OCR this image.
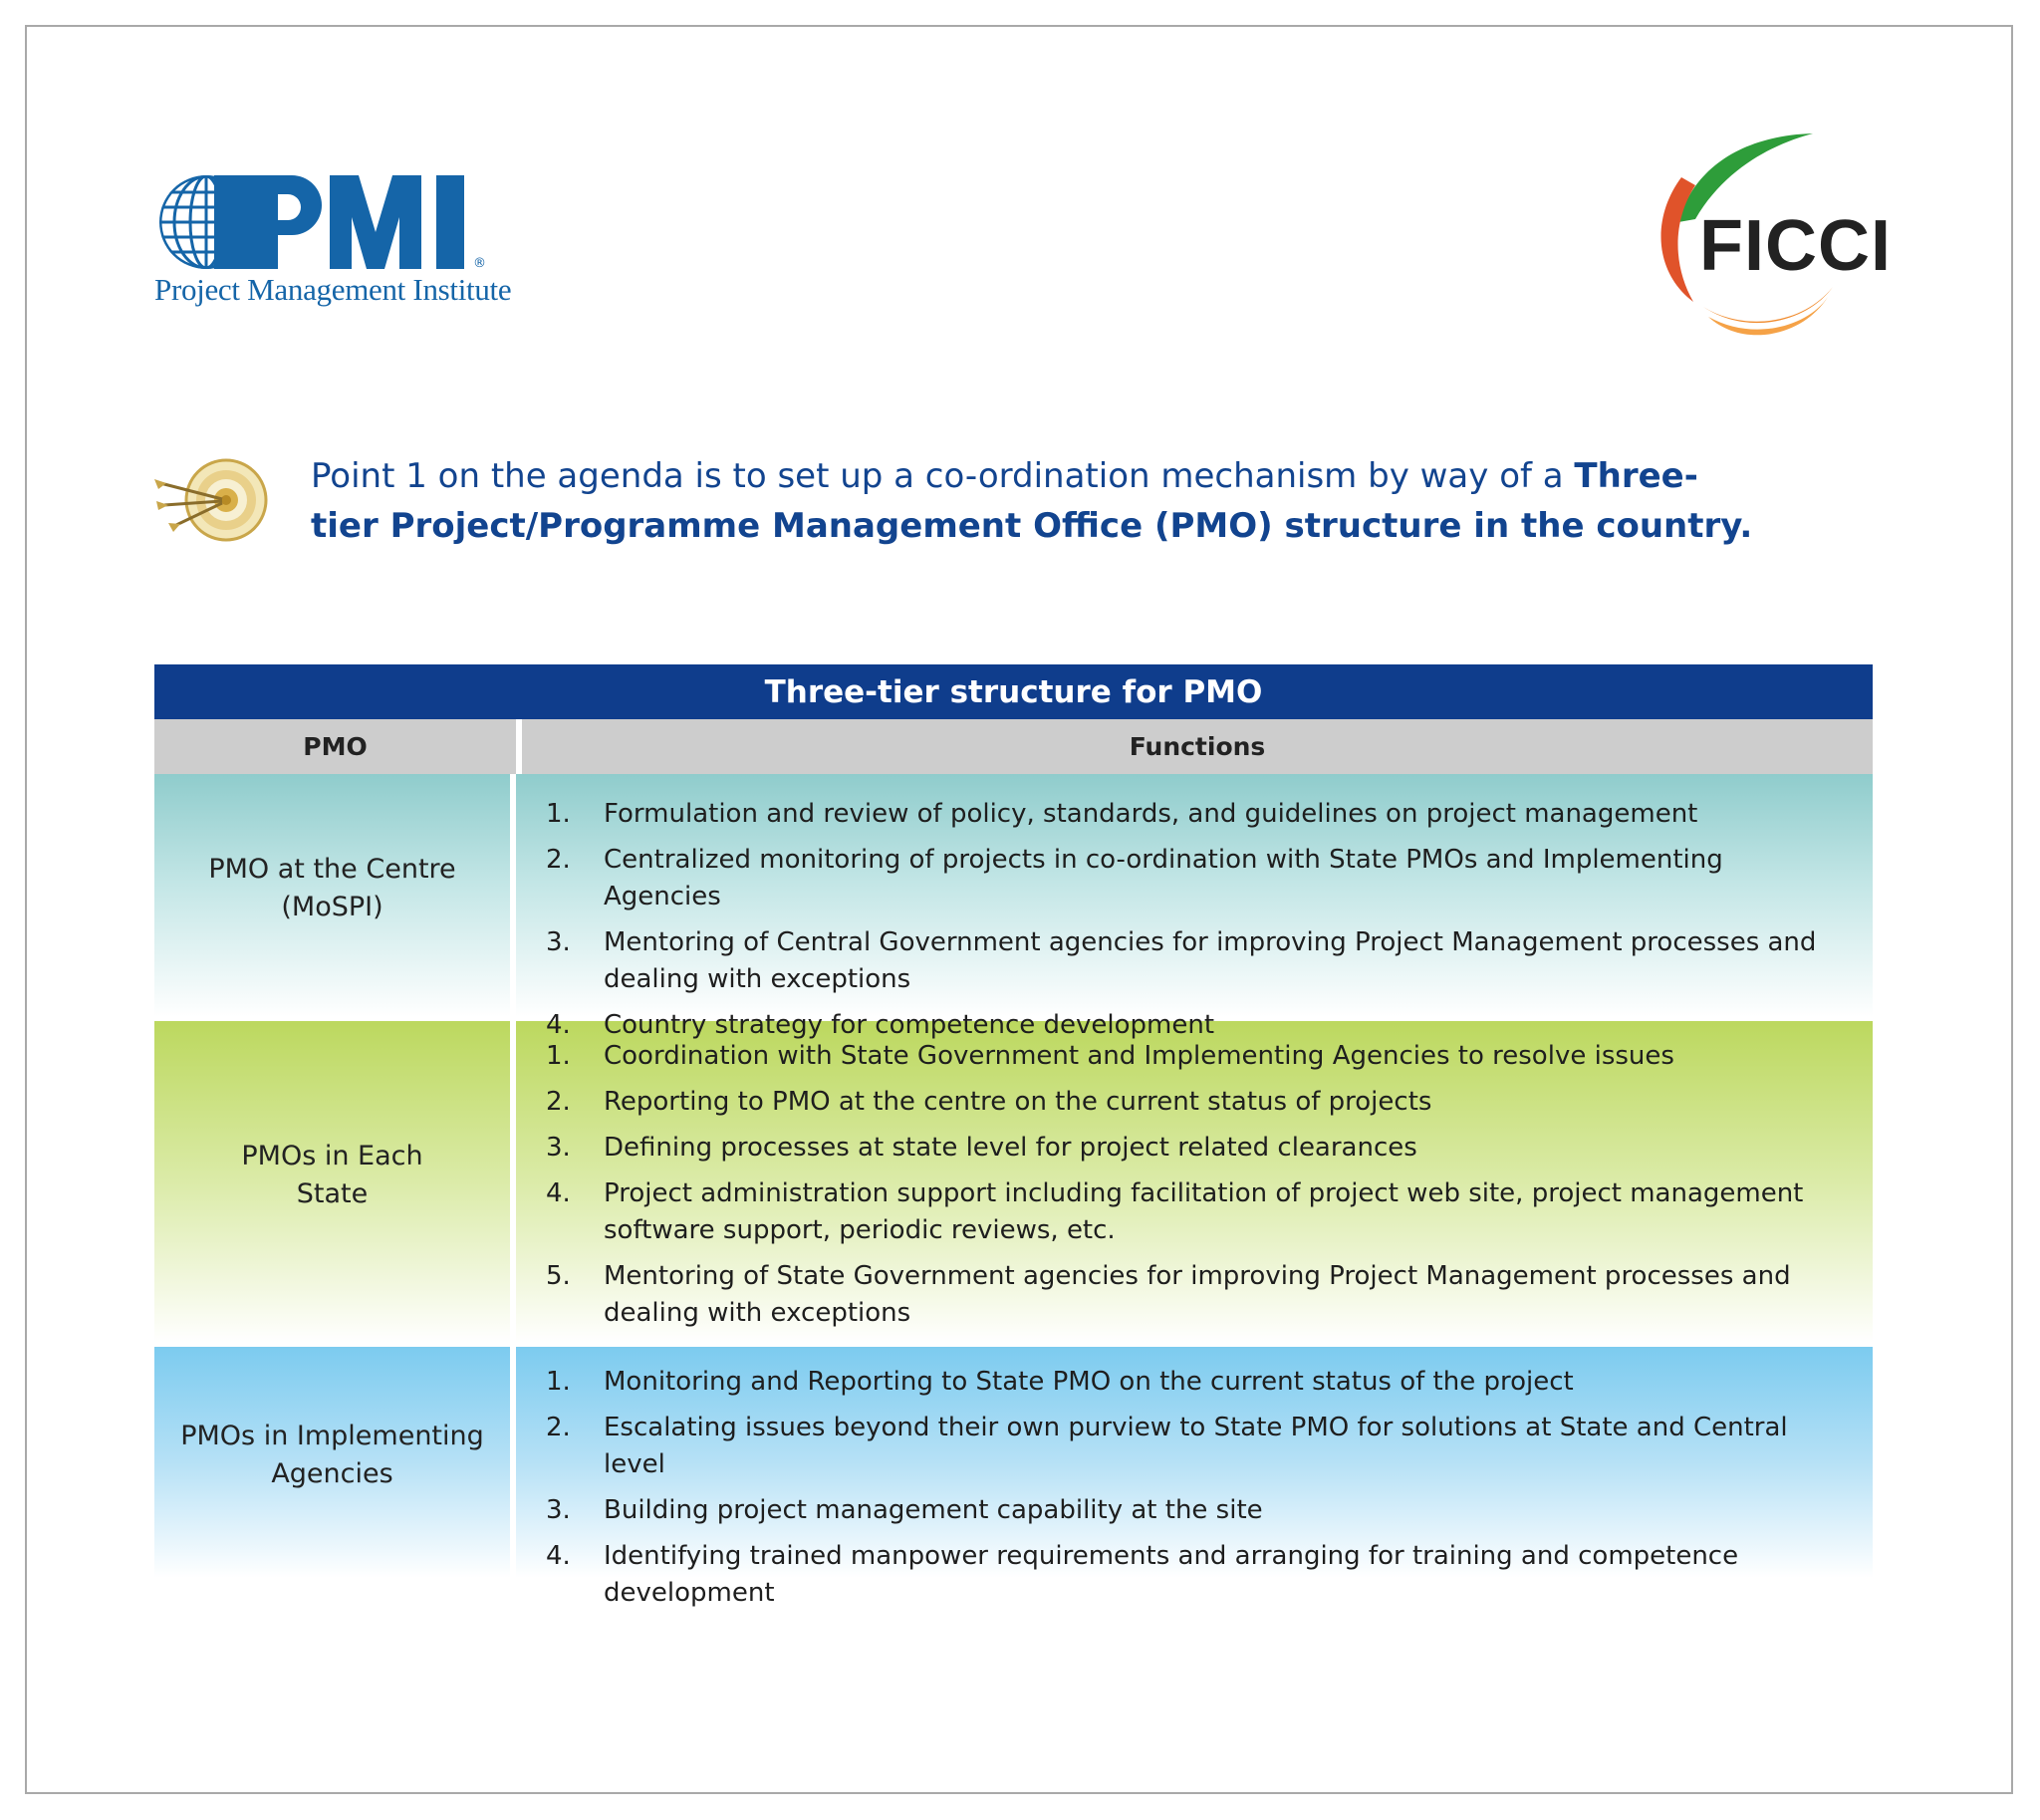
®
Project Management Institute
FICCI
Point 1 on the agenda is to set up a co-ordination mechanism by way of a Three-tier Project/Programme Management Office (PMO) structure in the country.
Three-tier structure for PMO
PMO	Functions
PMO at the Centre
(MoSPI)
1. Formulation and review of policy, standards, and guidelines on project management
2. Centralized monitoring of projects in co-ordination with State PMOs and Implementing Agencies
3. Mentoring of Central Government agencies for improving Project Management processes and dealing with exceptions
4. Country strategy for competence development
PMOs in Each
State
1. Coordination with State Government and Implementing Agencies to resolve issues
2. Reporting to PMO at the centre on the current status of projects
3. Defining processes at state level for project related clearances
4. Project administration support including facilitation of project web site, project management software support, periodic reviews, etc.
5. Mentoring of State Government agencies for improving Project Management processes and dealing with exceptions
PMOs in Implementing
Agencies
1. Monitoring and Reporting to State PMO on the current status of the project
2. Escalating issues beyond their own purview to State PMO for solutions at State and Central level
3. Building project management capability at the site
4. Identifying trained manpower requirements and arranging for training and competence development
